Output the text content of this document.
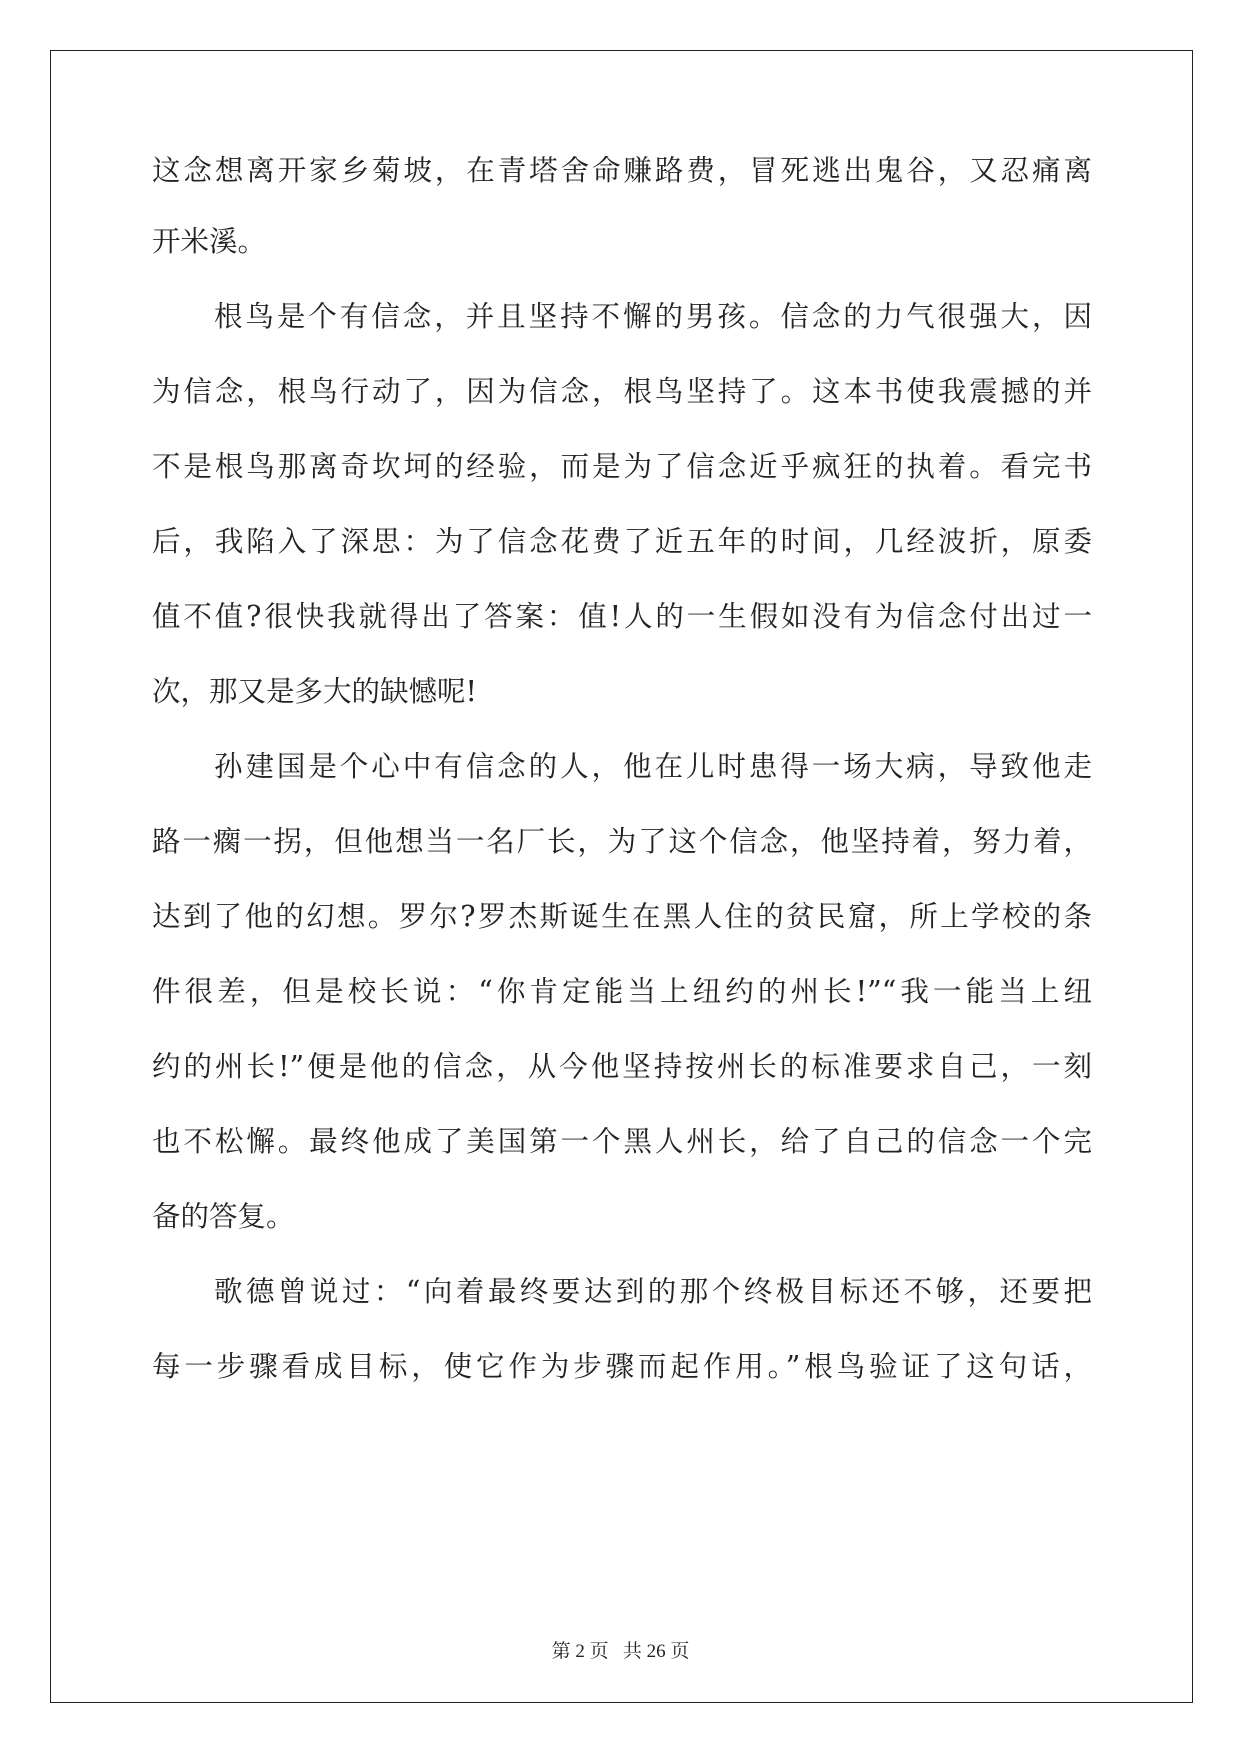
这念想离开家乡菊坡，在青塔舍命赚路费，冒死逃出鬼谷，又忍痛离
开米溪。
根鸟是个有信念，并且坚持不懈的男孩。信念的力气很强大，因
为信念，根鸟行动了，因为信念，根鸟坚持了。这本书使我震撼的并
不是根鸟那离奇坎坷的经验，而是为了信念近乎疯狂的执着。看完书
后，我陷入了深思：为了信念花费了近五年的时间，几经波折，原委
值不值?很快我就得出了答案：值!人的一生假如没有为信念付出过一
次，那又是多大的缺憾呢!
孙建国是个心中有信念的人，他在儿时患得一场大病，导致他走
路一瘸一拐，但他想当一名厂长，为了这个信念，他坚持着，努力着，
达到了他的幻想。罗尔?罗杰斯诞生在黑人住的贫民窟，所上学校的条
件很差，但是校长说：“你肯定能当上纽约的州长!”“我一能当上纽
约的州长!”便是他的信念，从今他坚持按州长的标准要求自己，一刻
也不松懈。最终他成了美国第一个黑人州长，给了自己的信念一个完
备的答复。
歌德曾说过：“向着最终要达到的那个终极目标还不够，还要把
每一步骤看成目标，使它作为步骤而起作用。”根鸟验证了这句话，
第 2 页 共 26 页
